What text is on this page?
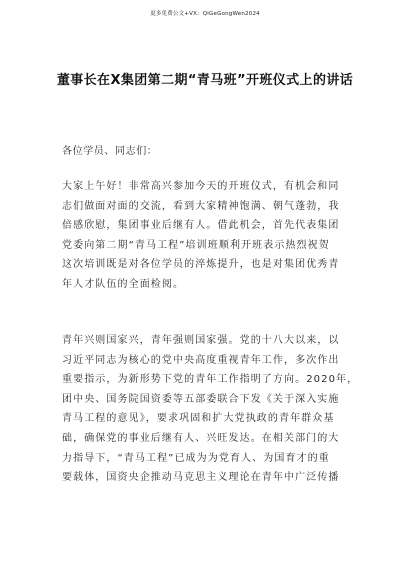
更多免费公文+VX：QiGeGongWen2024
董事长在X集团第二期“青马班”开班仪式上的讲话
各位学员、同志们：

大家上午好！非常高兴参加今天的开班仪式，有机会和同
志们做面对面的交流，看到大家精神饱满、朝气蓬勃，我
倍感欣慰，集团事业后继有人。借此机会，首先代表集团
党委向第二期“青马工程”培训班顺利开班表示热烈祝贺
这次培训既是对各位学员的淬炼提升，也是对集团优秀青
年人才队伍的全面检阅。

青年兴则国家兴，青年强则国家强。党的十八大以来，以
习近平同志为核心的党中央高度重视青年工作，多次作出
重要指示，为新形势下党的青年工作指明了方向。2020年，
团中央、国务院国资委等五部委联合下发《关于深入实施
青马工程的意见》，要求巩固和扩大党执政的青年群众基
础，确保党的事业后继有人、兴旺发达。在相关部门的大
力指导下，“青马工程”已成为为党育人、为国育才的重
要载体，国资央企推动马克思主义理论在青年中广泛传播
